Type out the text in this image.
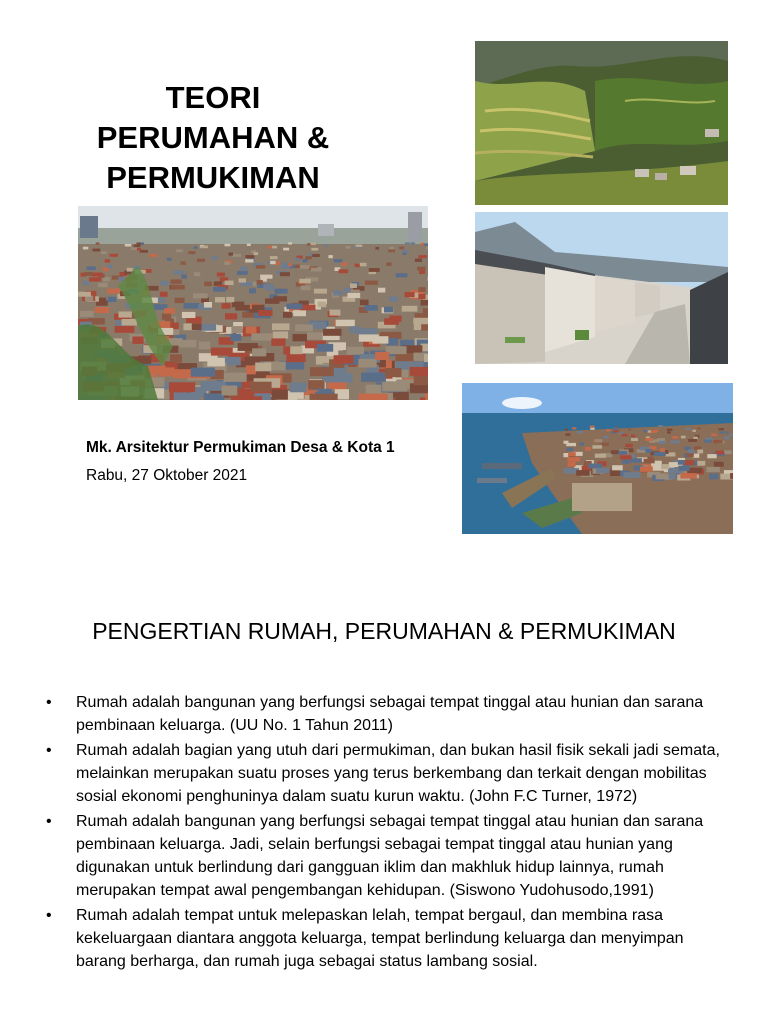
TEORI
PERUMAHAN &
PERMUKIMAN
Mk. Arsitektur Permukiman Desa & Kota 1
Rabu, 27 Oktober 2021
PENGERTIAN RUMAH, PERUMAHAN & PERMUKIMAN
• Rumah adalah bangunan yang berfungsi sebagai tempat tinggal atau hunian dan sarana pembinaan keluarga. (UU No. 1 Tahun 2011)
• Rumah adalah bagian yang utuh dari permukiman, dan bukan hasil fisik sekali jadi semata, melainkan merupakan suatu proses yang terus berkembang dan terkait dengan mobilitas sosial ekonomi penghuninya dalam suatu kurun waktu. (John F.C Turner, 1972)
• Rumah adalah bangunan yang berfungsi sebagai tempat tinggal atau hunian dan sarana pembinaan keluarga. Jadi, selain berfungsi sebagai tempat tinggal atau hunian yang digunakan untuk berlindung dari gangguan iklim dan makhluk hidup lainnya, rumah merupakan tempat awal pengembangan kehidupan. (Siswono Yudohusodo,1991)
• Rumah adalah tempat untuk melepaskan lelah, tempat bergaul, dan membina rasa kekeluargaan diantara anggota keluarga, tempat berlindung keluarga dan menyimpan barang berharga, dan rumah juga sebagai status lambang sosial.
